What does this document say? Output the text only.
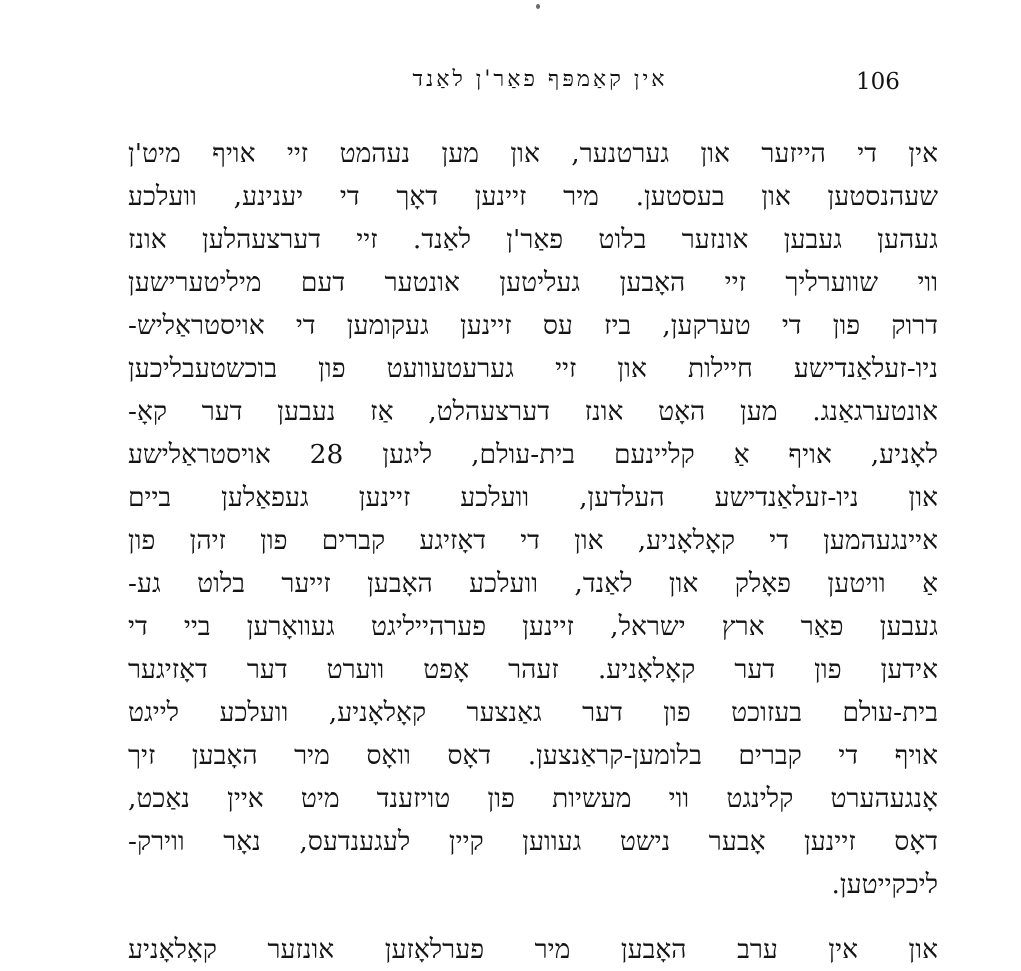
אין קאַמפּף פאַר'ן לאַנד	106
אין די הייזער און גערטנער, און מען נעהמט זיי אויף מיט'ן
שעהנסטען און בעסטען. מיר זיינען דאָך די יענינע, וועלכע
געהען געבען אונזער בלוט פאַר'ן לאַנד. זיי דערצעהלען אונז
ווי שווערליך זיי האָבען געליטען אונטער דעם מיליטערישען
דרוק פון די טערקען, ביז עס זיינען געקומען די אויסטראַליש-
ניו-זעלאַנדישע חיילות און זיי גערעטעוועט פון בוכשטעבליכען
אונטערגאַנג. מען האָט אונז דערצעהלט, אַז נעבען דער קאָ-
לאָניע, אויף אַ קליינעם בית-עולם, ליגען 28 אויסטראַלישע
און ניו-זעלאַנדישע העלדען, וועלכע זיינען געפאַלען ביים
איינגעהמען די קאָלאָניע, און די דאָזיגע קברים פון זיהן פון
אַ וויטען פאָלק און לאַנד, וועלכע האָבען זייער בלוט גע-
געבען פאַר ארץ ישראל, זיינען פערהייליגט געוואָרען ביי די
אידען פון דער קאָלאָניע. זעהר אָפט ווערט דער דאָזיגער
בית-עולם בעזוכט פון דער גאַנצער קאָלאָניע, וועלכע לייגט
אויף די קברים בלומען-קראַנצען. דאָס וואָס מיר האָבען זיך
אָנגעהערט קלינגט ווי מעשיות פון טויזענד מיט איין נאַכט,
דאָס זיינען אָבער נישט געווען קיין לעגענדעס, נאָר ווירק-
ליכקייטען.
און אין ערב האָבען מיר פערלאָזען אונזער קאָלאָניע
